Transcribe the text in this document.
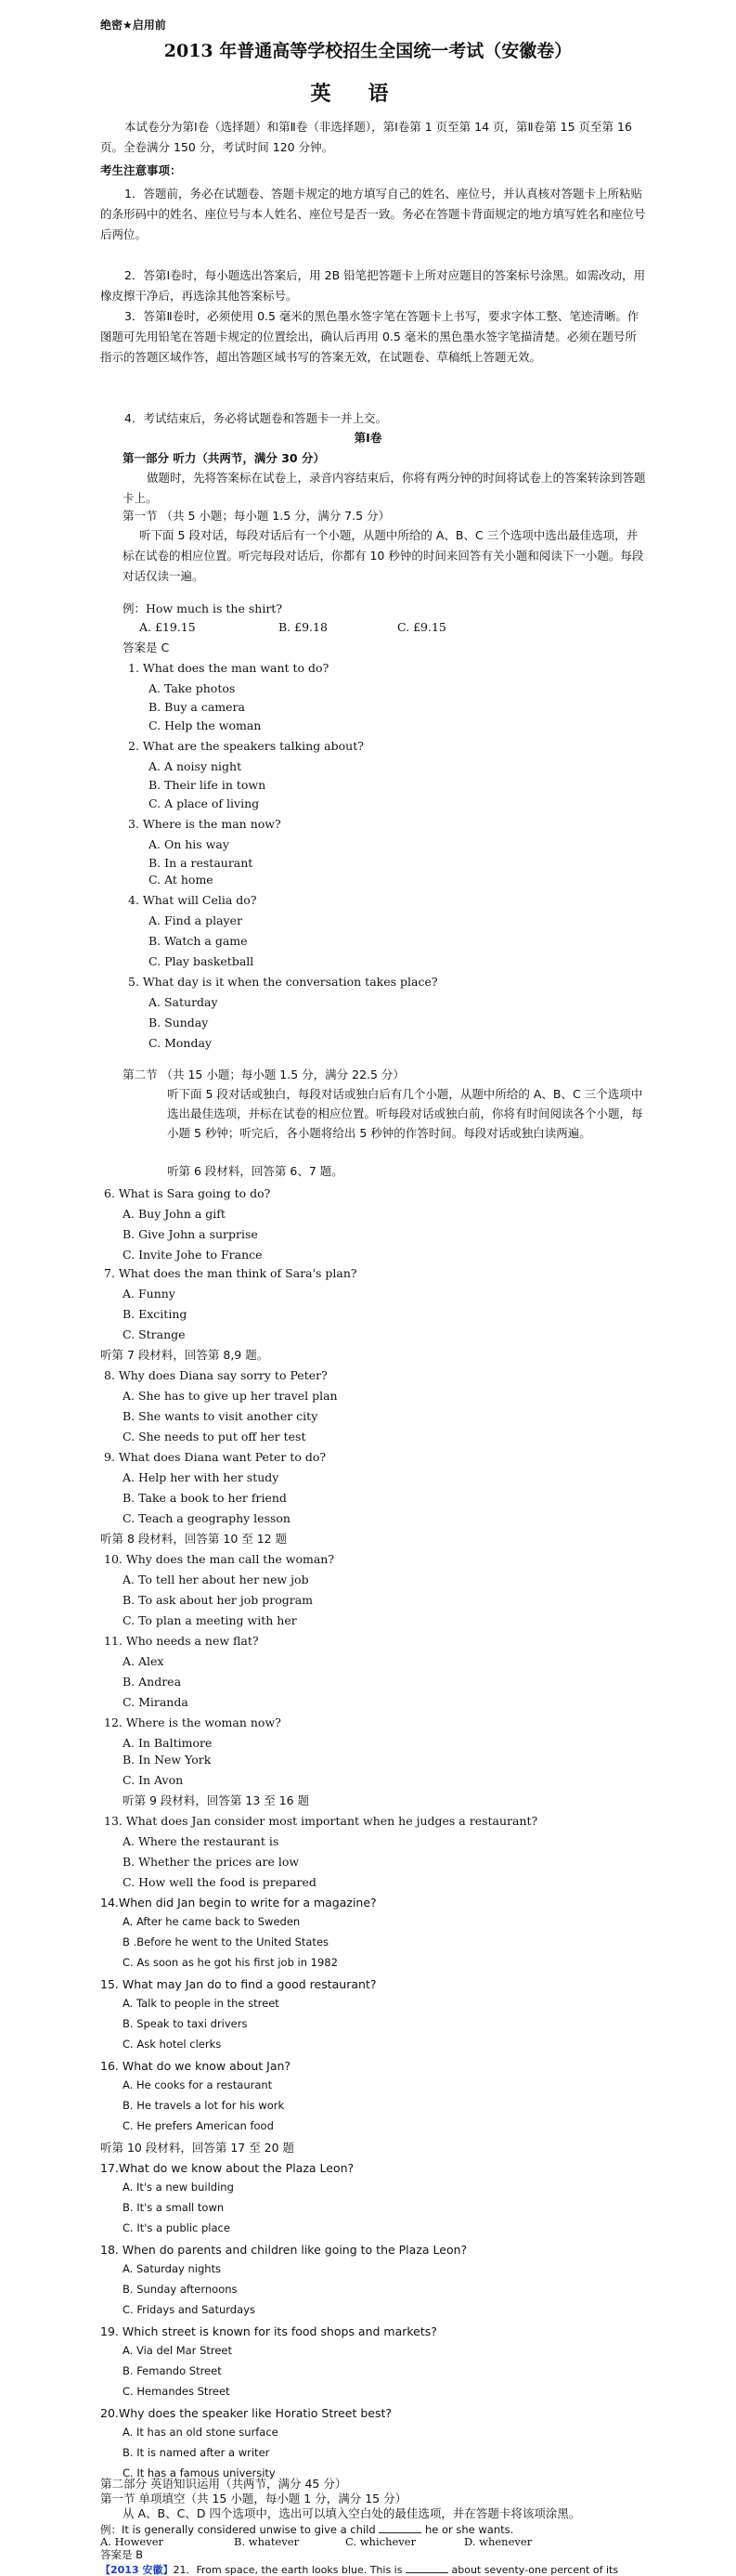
绝密★启用前
2013 年普通高等学校招生全国统一考试（安徽卷）
英语
本试卷分为第Ⅰ卷（选择题）和第Ⅱ卷（非选择题），第Ⅰ卷第 1 页至第 14 页，第Ⅱ卷第 15 页至第 16 页。全卷满分 150 分，考试时间 120 分钟。
考生注意事项：
1．答题前，务必在试题卷、答题卡规定的地方填写自己的姓名、座位号，并认真核对答题卡上所粘贴的条形码中的姓名、座位号与本人姓名、座位号是否一致。务必在答题卡背面规定的地方填写姓名和座位号后两位。
2．答第Ⅰ卷时，每小题选出答案后，用 2B 铅笔把答题卡上所对应题目的答案标号涂黑。如需改动，用橡皮擦干净后，再选涂其他答案标号。
3．答第Ⅱ卷时，必须使用 0.5 毫米的黑色墨水签字笔在答题卡上书写，要求字体工整、笔迹清晰。作图题可先用铅笔在答题卡规定的位置绘出，确认后再用 0.5 毫米的黑色墨水签字笔描清楚。必须在题号所指示的答题区域作答，超出答题区域书写的答案无效，在试题卷、草稿纸上答题无效。
4．考试结束后，务必将试题卷和答题卡一并上交。
第Ⅰ卷
第一部分 听力（共两节，满分 30 分）
做题时，先将答案标在试卷上，录音内容结束后，你将有两分钟的时间将试卷上的答案转涂到答题卡上。
第一节 （共 5 小题；每小题 1.5 分，满分 7.5 分）
听下面 5 段对话，每段对话后有一个小题，从题中所给的 A、B、C 三个选项中选出最佳选项，并标在试卷的相应位置。听完每段对话后，你都有 10 秒钟的时间来回答有关小题和阅读下一小题。每段对话仅读一遍。
例：How much is the shirt?
A. £19.15	B. £9.18	C. £9.15
答案是 C
1. What does the man want to do?
A. Take photos
B. Buy a camera
C. Help the woman
2. What are the speakers talking about?
A. A noisy night
B. Their life in town
C. A place of living
3. Where is the man now?
A. On his way
B. In a restaurant
C. At home
4. What will Celia do?
A. Find a player
B. Watch a game
C. Play basketball
5. What day is it when the conversation takes place?
A. Saturday
B. Sunday
C. Monday
第二节 （共 15 小题；每小题 1.5 分，满分 22.5 分）
听下面 5 段对话或独白，每段对话或独白后有几个小题，从题中所给的 A、B、C 三个选项中选出最佳选项，并标在试卷的相应位置。听每段对话或独白前，你将有时间阅读各个小题，每小题 5 秒钟；听完后，各小题将给出 5 秒钟的作答时间。每段对话或独白读两遍。
听第 6 段材料，回答第 6、7 题。
6. What is Sara going to do?
A. Buy John a gift
B. Give John a surprise
C. Invite Johe to France
7. What does the man think of Sara's plan?
A. Funny
B. Exciting
C. Strange
听第 7 段材料，回答第 8,9 题。
8. Why does Diana say sorry to Peter?
A. She has to give up her travel plan
B. She wants to visit another city
C. She needs to put off her test
9. What does Diana want Peter to do?
A. Help her with her study
B. Take a book to her friend
C. Teach a geography lesson
听第 8 段材料，回答第 10 至 12 题
10. Why does the man call the woman?
A. To tell her about her new job
B. To ask about her job program
C. To plan a meeting with her
11. Who needs a new flat?
A. Alex
B. Andrea
C. Miranda
12. Where is the woman now?
A. In Baltimore
B. In New York
C. In Avon
听第 9 段材料，回答第 13 至 16 题
13. What does Jan consider most important when he judges a restaurant?
A. Where the restaurant is
B. Whether the prices are low
C. How well the food is prepared
14.When did Jan begin to write for a magazine?
A. After he came back to Sweden
B .Before he went to the United States
C. As soon as he got his first job in 1982
15. What may Jan do to find a good restaurant?
A. Talk to people in the street
B. Speak to taxi drivers
C. Ask hotel clerks
16. What do we know about Jan?
A. He cooks for a restaurant
B. He travels a lot for his work
C. He prefers American food
听第 10 段材料，回答第 17 至 20 题
17.What do we know about the Plaza Leon?
A. It's a new building
B. It's a small town
C. It's a public place
18. When do parents and children like going to the Plaza Leon?
A. Saturday nights
B. Sunday afternoons
C. Fridays and Saturdays
19. Which street is known for its food shops and markets?
A. Via del Mar Street
B. Femando Street
C. Hemandes Street
20.Why does the speaker like Horatio Street best?
A. It has an old stone surface
B. It is named after a writer
C. It has a famous university
第二部分 英语知识运用（共两节，满分 45 分）
第一节 单项填空（共 15 小题，每小题 1 分，满分 15 分）
从 A、B、C、D 四个选项中，选出可以填入空白处的最佳选项，并在答题卡将该项涂黑。
例：It is generally considered unwise to give a child	he or she wants.
A. However	B. whatever	C. whichever	D. whenever
答案是 B
【2013 安徽】21．From space, the earth looks blue. This is	about seventy-one percent of its
